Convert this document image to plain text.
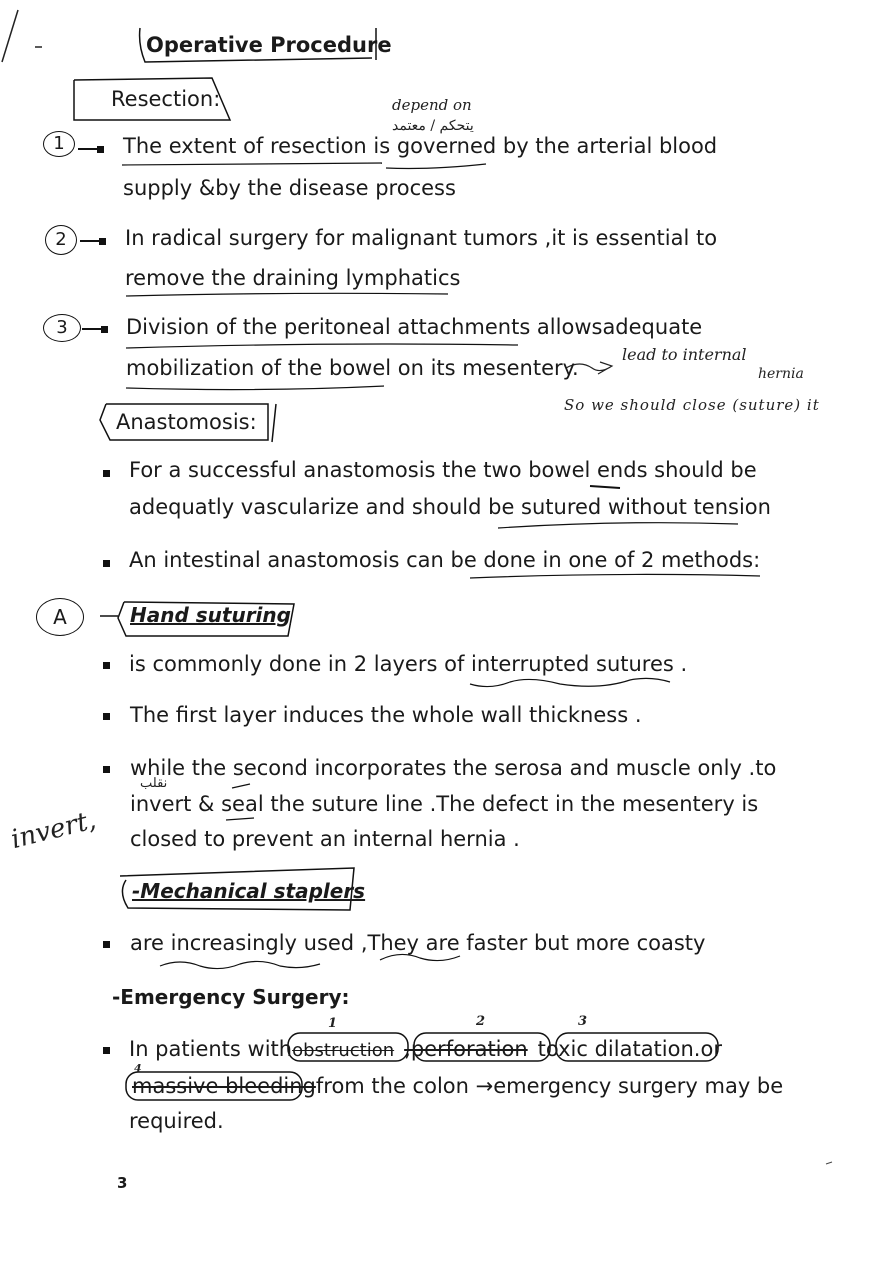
Operative Procedure
Resection:	depend on
يتحكم / معتمد
1	The extent of resection is governed by the arterial blood
supply &by the disease process
2	In radical surgery for malignant tumors ,it is essential to
remove the draining lymphatics
3	Division of the peritoneal attachments allowsadequate
mobilization of the bowel on its mesentery.
lead to internal
hernia
So we should close (suture) it
Anastomosis:
For a successful anastomosis the two bowel ends should be
adequatly vascularize and should be sutured without tension
An intestinal anastomosis can be done in one of 2 methods:
A	Hand suturing
is commonly done in 2 layers of interrupted sutures .
The first layer induces the whole wall thickness .
while the second incorporates the serosa and muscle only .to
نقلب
invert & seal the suture line .The defect in the mesentery is
closed to prevent an internal hernia .
invert,
-Mechanical staplers
are increasingly used ,They are faster but more coasty
-Emergency Surgery:
1	2	3
4
In patients withobstruction ,perforation toxic dilatation.or
massive bleedingfrom the colon →emergency surgery may be
required.
3
